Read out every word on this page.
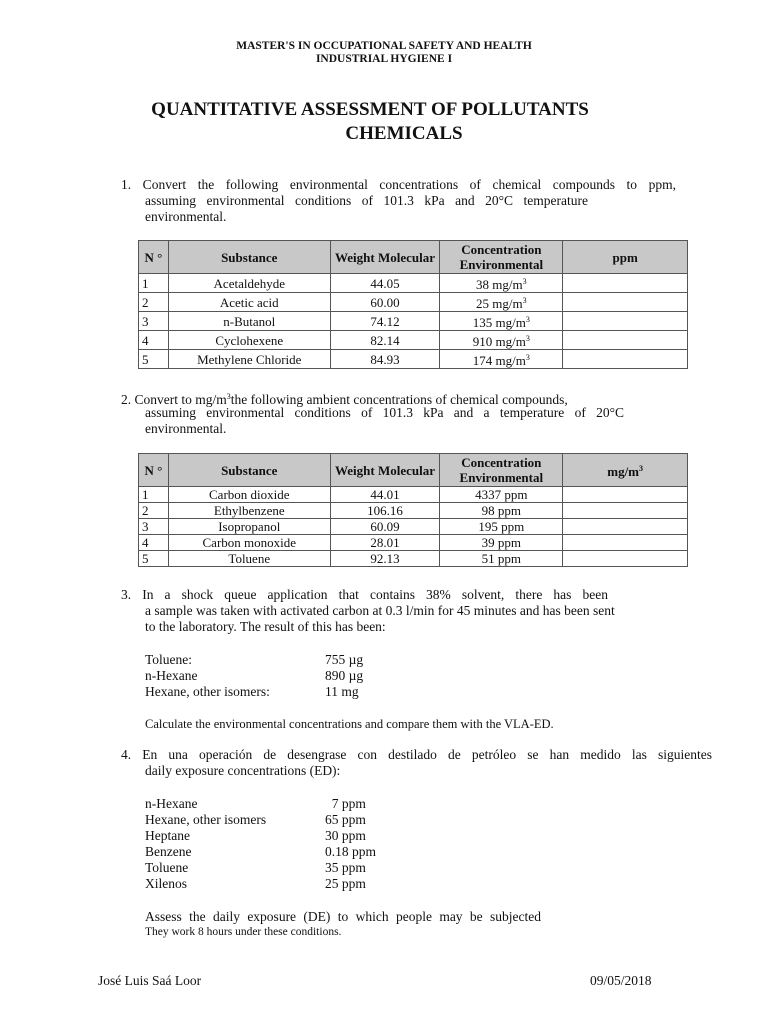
MASTER'S IN OCCUPATIONAL SAFETY AND HEALTH
INDUSTRIAL HYGIENE I
QUANTITATIVE ASSESSMENT OF POLLUTANTS
CHEMICALS
1. Convert the following environmental concentrations of chemical compounds to ppm,
assuming environmental conditions of 101.3 kPa and 20°C temperature
environmental.
N °	Substance	Weight Molecular	Concentration Environmental	ppm
1	Acetaldehyde	44.05	38 $mg/m^3$	
2	Acetic acid	60.00	25 $mg/m^3$	
3	n-Butanol	74.12	135 $mg/m^3$	
4	Cyclohexene	82.14	910 $mg/m^3$	
5	Methylene Chloride	84.93	174 $mg/m^3$	
2. Convert to $mg/m^3the$ following ambient concentrations of chemical compounds,
assuming environmental conditions of 101.3 kPa and a temperature of 20°C
environmental.
N °	Substance	Weight Molecular	Concentration Environmental	$mg/m^3$
1	Carbon dioxide	44.01	4337 ppm	
2	Ethylbenzene	106.16	98 ppm	
3	Isopropanol	60.09	195 ppm	
4	Carbon monoxide	28.01	39 ppm	
5	Toluene	92.13	51 ppm	
3. In a shock queue application that contains 38% solvent, there has been
a sample was taken with activated carbon at 0.3 l/min for 45 minutes and has been sent
to the laboratory. The result of this has been:
Toluene:	755 µg
n-Hexane	890 µg
Hexane, other isomers:	11 mg
Calculate the environmental concentrations and compare them with the VLA-ED.
4. En una operación de desengrase con destilado de petróleo se han medido las siguientes
daily exposure concentrations (ED):
n-Hexane	7 ppm
Hexane, other isomers	65 ppm
Heptane	30 ppm
Benzene	0.18 ppm
Toluene	35 ppm
Xilenos	25 ppm
Assess the daily exposure (DE) to which people may be subjected
They work 8 hours under these conditions.
José Luis Saá Loor	09/05/2018
